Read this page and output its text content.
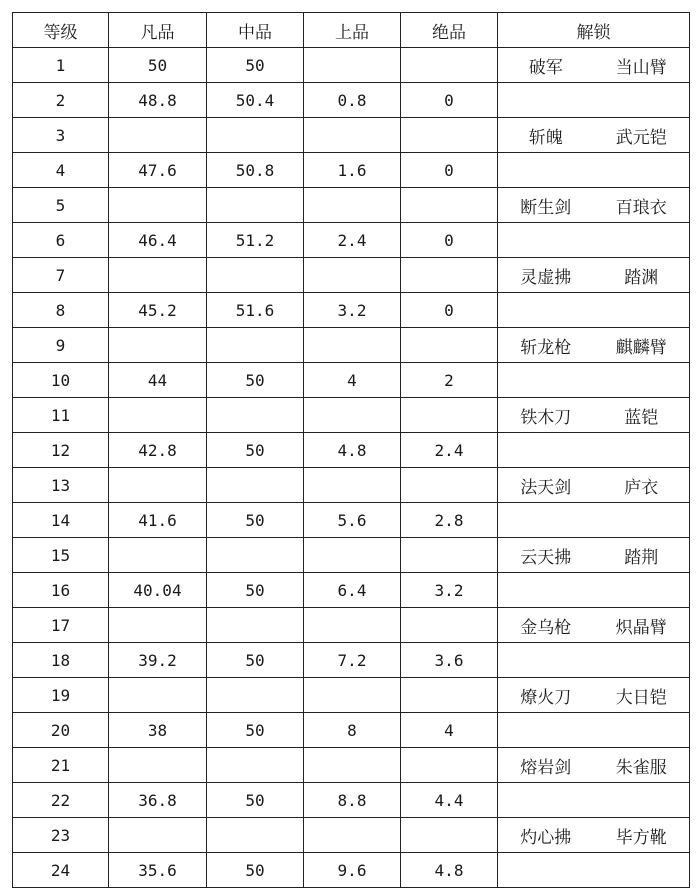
等级	凡品	中品	上品	绝品	解锁	
1	50	50			破军	当山臂
2	48.8	50.4	0.8	0		
3					斩魄	武元铠
4	47.6	50.8	1.6	0		
5					断生剑	百琅衣
6	46.4	51.2	2.4	0		
7					灵虚拂	踏渊
8	45.2	51.6	3.2	0		
9					斩龙枪	麒麟臂
10	44	50	4	2		
11					铁木刀	蓝铠
12	42.8	50	4.8	2.4		
13					法天剑	庐衣
14	41.6	50	5.6	2.8		
15					云天拂	踏荆
16	40.04	50	6.4	3.2		
17					金乌枪	炽晶臂
18	39.2	50	7.2	3.6		
19					燎火刀	大日铠
20	38	50	8	4		
21					熔岩剑	朱雀服
22	36.8	50	8.8	4.4		
23					灼心拂	毕方靴
24	35.6	50	9.6	4.8		
